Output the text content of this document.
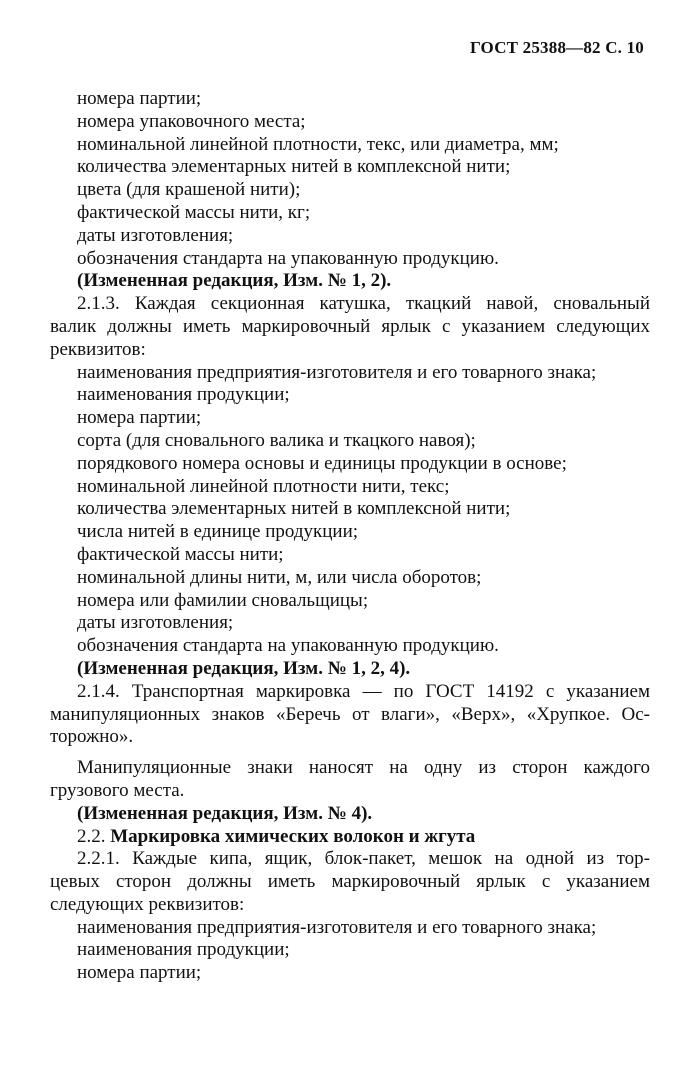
ГОСТ 25388—82 С. 10
номера партии;
номера упаковочного места;
номинальной линейной плотности, текс, или диаметра, мм;
количества элементарных нитей в комплексной нити;
цвета (для крашеной нити);
фактической массы нити, кг;
даты изготовления;
обозначения стандарта на упакованную продукцию.
(Измененная редакция, Изм. № 1, 2).
2.1.3. Каждая секционная катушка, ткацкий навой, сновальный
валик должны иметь маркировочный ярлык с указанием следующих
реквизитов:
наименования предприятия-изготовителя и его товарного знака;
наименования продукции;
номера партии;
сорта (для сновального валика и ткацкого навоя);
порядкового номера основы и единицы продукции в основе;
номинальной линейной плотности нити, текс;
количества элементарных нитей в комплексной нити;
числа нитей в единице продукции;
фактической массы нити;
номинальной длины нити, м, или числа оборотов;
номера или фамилии сновальщицы;
даты изготовления;
обозначения стандарта на упакованную продукцию.
(Измененная редакция, Изм. № 1, 2, 4).
2.1.4. Транспортная маркировка — по ГОСТ 14192 с указанием
манипуляционных знаков «Беречь от влаги», «Верх», «Хрупкое. Ос-
торожно».
Манипуляционные знаки наносят на одну из сторон каждого
грузового места.
(Измененная редакция, Изм. № 4).
2.2. Маркировка химических волокон и жгута
2.2.1. Каждые кипа, ящик, блок-пакет, мешок на одной из тор-
цевых сторон должны иметь маркировочный ярлык с указанием
следующих реквизитов:
наименования предприятия-изготовителя и его товарного знака;
наименования продукции;
номера партии;
